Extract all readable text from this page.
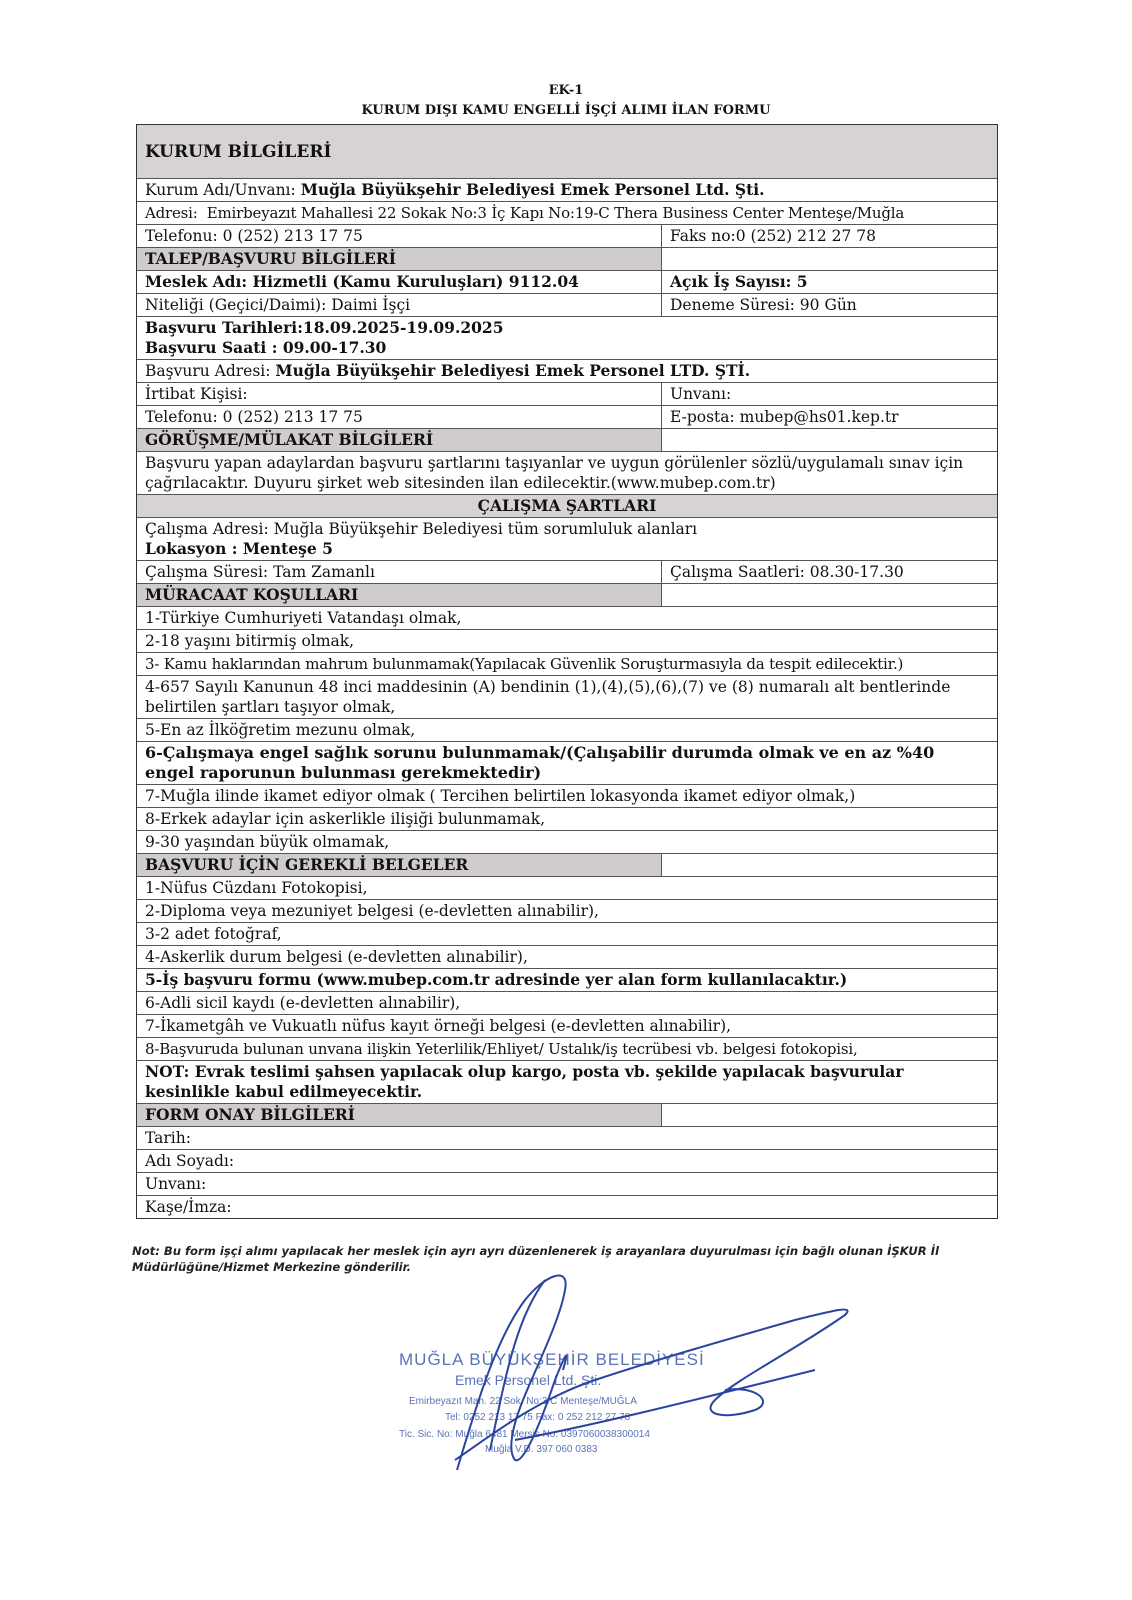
EK-1
KURUM DIŞI KAMU ENGELLİ İŞÇİ ALIMI İLAN FORMU
KURUM BİLGİLERİ
Kurum Adı/Unvanı: Muğla Büyükşehir Belediyesi Emek Personel Ltd. Şti.
Adresi: Emirbeyazıt Mahallesi 22 Sokak No:3 İç Kapı No:19-C Thera Business Center Menteşe/Muğla
Telefonu: 0 (252) 213 17 75	Faks no:0 (252) 212 27 78
TALEP/BAŞVURU BİLGİLERİ
Meslek Adı: Hizmetli (Kamu Kuruluşları) 9112.04	Açık İş Sayısı: 5
Niteliği (Geçici/Daimi): Daimi İşçi	Deneme Süresi: 90 Gün
Başvuru Tarihleri:18.09.2025-19.09.2025
Başvuru Saati : 09.00-17.30
Başvuru Adresi: Muğla Büyükşehir Belediyesi Emek Personel LTD. ŞTİ.
İrtibat Kişisi:	Unvanı:
Telefonu: 0 (252) 213 17 75	E-posta: mubep@hs01.kep.tr
GÖRÜŞME/MÜLAKAT BİLGİLERİ
Başvuru yapan adaylardan başvuru şartlarını taşıyanlar ve uygun görülenler sözlü/uygulamalı sınav için çağrılacaktır. Duyuru şirket web sitesinden ilan edilecektir.(www.mubep.com.tr)
ÇALIŞMA ŞARTLARI
Çalışma Adresi: Muğla Büyükşehir Belediyesi tüm sorumluluk alanları
Lokasyon : Menteşe 5
Çalışma Süresi: Tam Zamanlı	Çalışma Saatleri: 08.30-17.30
MÜRACAAT KOŞULLARI
1-Türkiye Cumhuriyeti Vatandaşı olmak,
2-18 yaşını bitirmiş olmak,
3- Kamu haklarından mahrum bulunmamak(Yapılacak Güvenlik Soruşturmasıyla da tespit edilecektir.)
4-657 Sayılı Kanunun 48 inci maddesinin (A) bendinin (1),(4),(5),(6),(7) ve (8) numaralı alt bentlerinde belirtilen şartları taşıyor olmak,
5-En az İlköğretim mezunu olmak,
6-Çalışmaya engel sağlık sorunu bulunmamak/(Çalışabilir durumda olmak ve en az %40 engel raporunun bulunması gerekmektedir)
7-Muğla ilinde ikamet ediyor olmak ( Tercihen belirtilen lokasyonda ikamet ediyor olmak,)
8-Erkek adaylar için askerlikle ilişiği bulunmamak,
9-30 yaşından büyük olmamak,
BAŞVURU İÇİN GEREKLİ BELGELER
1-Nüfus Cüzdanı Fotokopisi,
2-Diploma veya mezuniyet belgesi (e-devletten alınabilir),
3-2 adet fotoğraf,
4-Askerlik durum belgesi (e-devletten alınabilir),
5-İş başvuru formu (www.mubep.com.tr adresinde yer alan form kullanılacaktır.)
6-Adli sicil kaydı (e-devletten alınabilir),
7-İkametgâh ve Vukuatlı nüfus kayıt örneği belgesi (e-devletten alınabilir),
8-Başvuruda bulunan unvana ilişkin Yeterlilik/Ehliyet/ Ustalık/iş tecrübesi vb. belgesi fotokopisi,
NOT: Evrak teslimi şahsen yapılacak olup kargo, posta vb. şekilde yapılacak başvurular kesinlikle kabul edilmeyecektir.
FORM ONAY BİLGİLERİ
Tarih:
Adı Soyadı:
Unvanı:
Kaşe/İmza:
Not: Bu form işçi alımı yapılacak her meslek için ayrı ayrı düzenlenerek iş arayanlara duyurulması için bağlı olunan İŞKUR İl Müdürlüğüne/Hizmet Merkezine gönderilir.
MUĞLA BÜYÜKŞEHİR BELEDİYESİ
Emek Personel Ltd. Şti.
Emirbeyazıt Mah. 22 Sok. No:3/C Menteşe/MUĞLA
Tel: 0252 213 17 75 Fax: 0 252 212 27 78
Tic. Sic. No: Muğla 6481 Mersis No: 0397060038300014
Muğla V.D. 397 060 0383
